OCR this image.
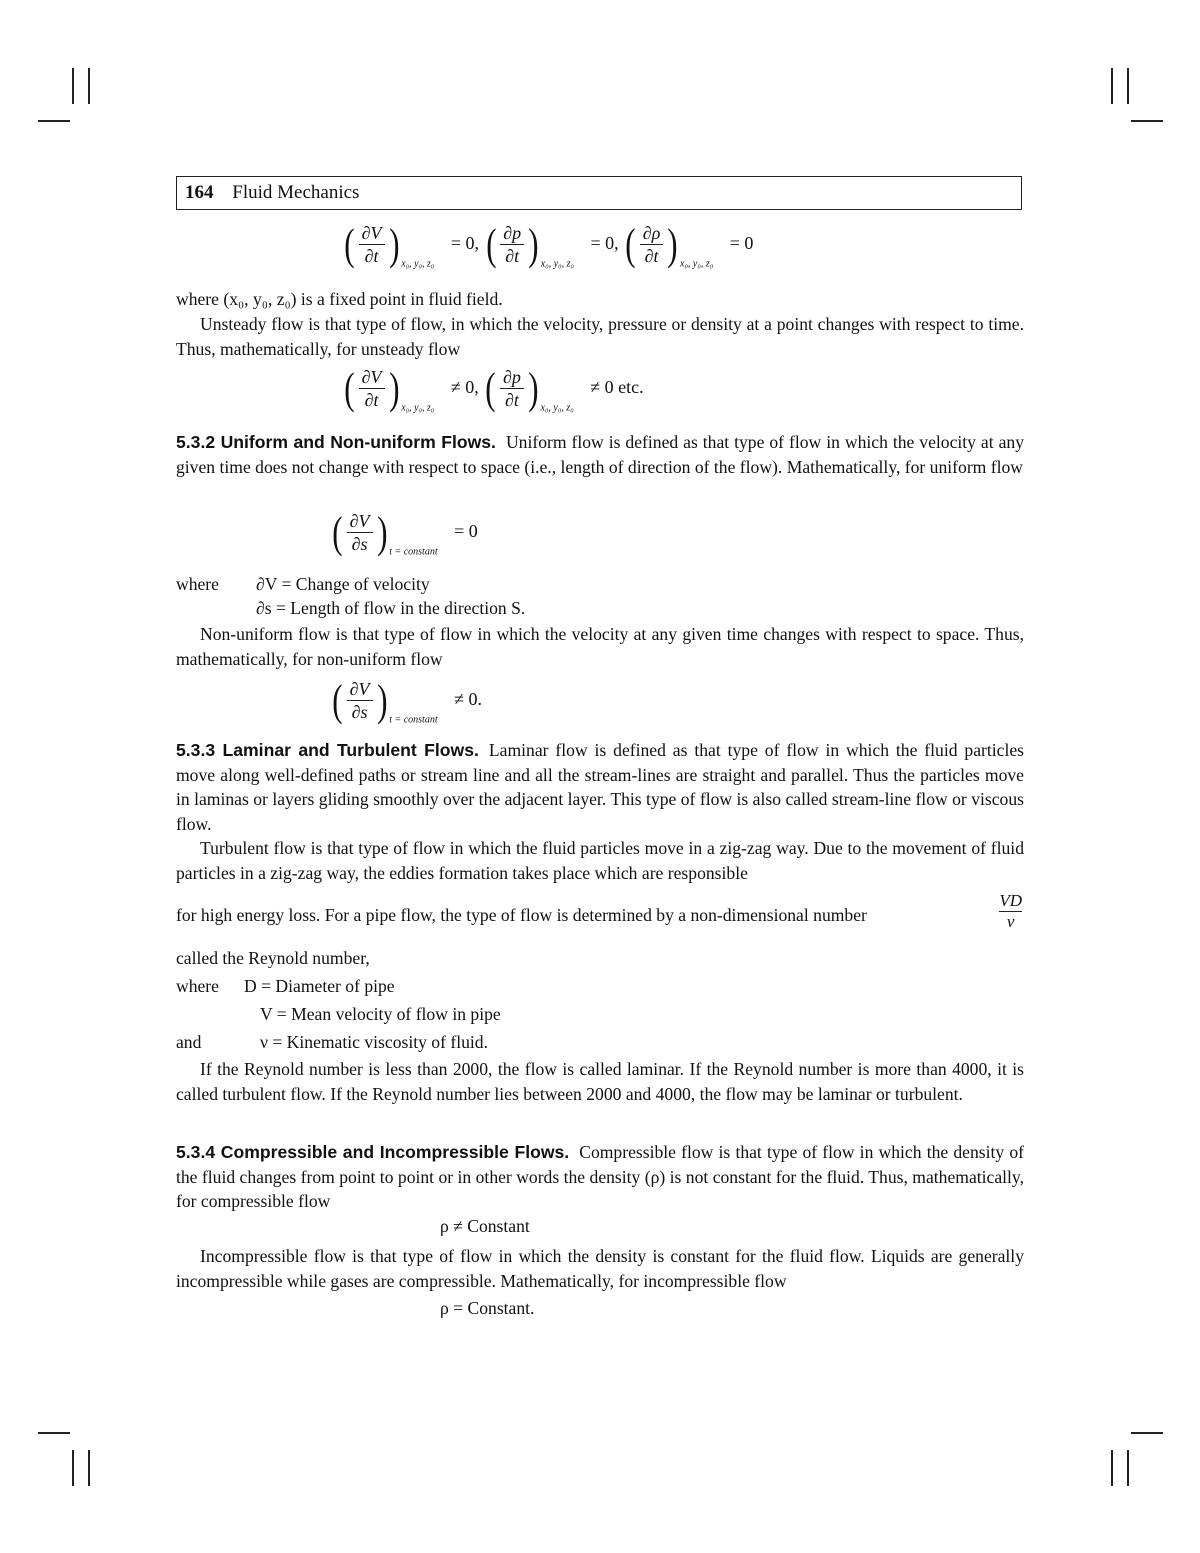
164 Fluid Mechanics
( $\frac{\partial V}{\partial t}$ ) $_{x_0, y_0, z_0}$ = 0, ( $\frac{\partial p}{\partial t}$ ) $_{x_0, y_0, z_0}$ = 0, ( $\frac{\partial\rho}{\partial t}$ ) $_{x_0, y_0, z_0}$ = 0
where (x₀, y₀, z₀) is a fixed point in fluid field.
Unsteady flow is that type of flow, in which the velocity, pressure or density at a point changes with respect to time. Thus, mathematically, for unsteady flow
( $\frac{\partial V}{\partial t}$ ) $_{x_0, y_0, z_0}$ ≠ 0, ( $\frac{\partial p}{\partial t}$ ) $_{x_0, y_0, z_0}$ ≠ 0 etc.
5.3.2 Uniform and Non-uniform Flows. Uniform flow is defined as that type of flow in which the velocity at any given time does not change with respect to space (i.e., length of direction of the flow). Mathematically, for uniform flow
( $\frac{\partial V}{\partial s}$ ) $_{t = constant}$ = 0
where ∂V = Change of velocity
∂s = Length of flow in the direction S.
Non-uniform flow is that type of flow in which the velocity at any given time changes with respect to space. Thus, mathematically, for non-uniform flow
( $\frac{\partial V}{\partial s}$ ) $_{t = constant}$ ≠ 0.
5.3.3 Laminar and Turbulent Flows. Laminar flow is defined as that type of flow in which the fluid particles move along well-defined paths or stream line and all the stream-lines are straight and parallel. Thus the particles move in laminas or layers gliding smoothly over the adjacent layer. This type of flow is also called stream-line flow or viscous flow.
Turbulent flow is that type of flow in which the fluid particles move in a zig-zag way. Due to the movement of fluid particles in a zig-zag way, the eddies formation takes place which are responsible
for high energy loss. For a pipe flow, the type of flow is determined by a non-dimensional number	$\frac{VD}{\nu}$
called the Reynold number,
where D = Diameter of pipe
V = Mean velocity of flow in pipe
and	ν = Kinematic viscosity of fluid.
If the Reynold number is less than 2000, the flow is called laminar. If the Reynold number is more than 4000, it is called turbulent flow. If the Reynold number lies between 2000 and 4000, the flow may be laminar or turbulent.
5.3.4 Compressible and Incompressible Flows. Compressible flow is that type of flow in which the density of the fluid changes from point to point or in other words the density (ρ) is not constant for the fluid. Thus, mathematically, for compressible flow
ρ ≠ Constant
Incompressible flow is that type of flow in which the density is constant for the fluid flow. Liquids are generally incompressible while gases are compressible. Mathematically, for incompressible flow
ρ = Constant.
